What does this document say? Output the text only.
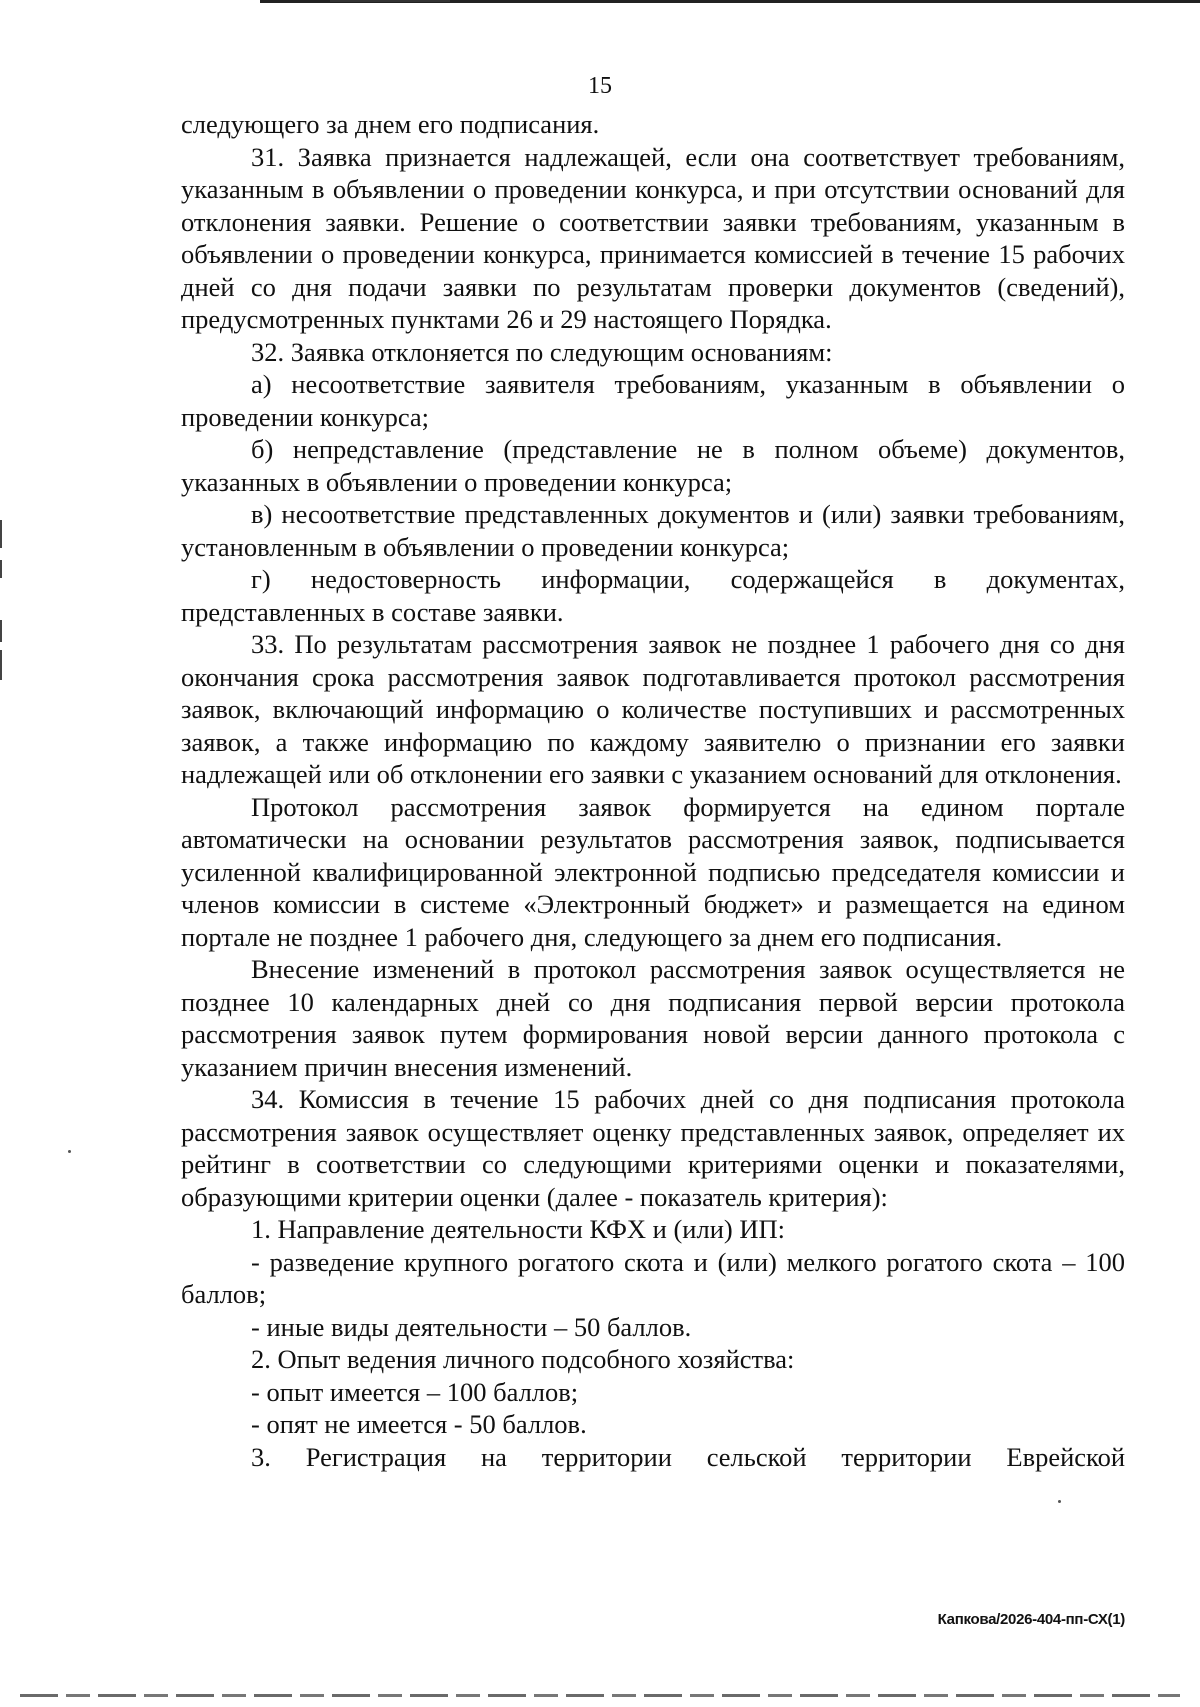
15

следующего за днем его подписания.

31. Заявка признается надлежащей, если она соответствует требованиям, указанным в объявлении о проведении конкурса, и при отсутствии оснований для отклонения заявки. Решение о соответствии заявки требованиям, указанным в объявлении о проведении конкурса, принимается комиссией в течение 15 рабочих дней со дня подачи заявки по результатам проверки документов (сведений), предусмотренных пунктами 26 и 29 настоящего Порядка.

32. Заявка отклоняется по следующим основаниям:

а) несоответствие заявителя требованиям, указанным в объявлении о проведении конкурса;

б) непредставление (представление не в полном объеме) документов, указанных в объявлении о проведении конкурса;

в) несоответствие представленных документов и (или) заявки требованиям, установленным в объявлении о проведении конкурса;

г) недостоверность информации, содержащейся в документах, представленных в составе заявки.

33. По результатам рассмотрения заявок не позднее 1 рабочего дня со дня окончания срока рассмотрения заявок подготавливается протокол рассмотрения заявок, включающий информацию о количестве поступивших и рассмотренных заявок, а также информацию по каждому заявителю о признании его заявки надлежащей или об отклонении его заявки с указанием оснований для отклонения.

Протокол рассмотрения заявок формируется на едином портале автоматически на основании результатов рассмотрения заявок, подписывается усиленной квалифицированной электронной подписью председателя комиссии и членов комиссии в системе «Электронный бюджет» и размещается на едином портале не позднее 1 рабочего дня, следующего за днем его подписания.

Внесение изменений в протокол рассмотрения заявок осуществляется не позднее 10 календарных дней со дня подписания первой версии протокола рассмотрения заявок путем формирования новой версии данного протокола с указанием причин внесения изменений.

34. Комиссия в течение 15 рабочих дней со дня подписания протокола рассмотрения заявок осуществляет оценку представленных заявок, определяет их рейтинг в соответствии со следующими критериями оценки и показателями, образующими критерии оценки (далее - показатель критерия):

1. Направление деятельности КФХ и (или) ИП:

- разведение крупного рогатого скота и (или) мелкого рогатого скота – 100 баллов;

- иные виды деятельности – 50 баллов.

2. Опыт ведения личного подсобного хозяйства:

- опыт имеется – 100 баллов;

- опят не имеется - 50 баллов.

3. Регистрация на территории сельской территории Еврейской

Капкова/2026-404-пп-СХ(1)
